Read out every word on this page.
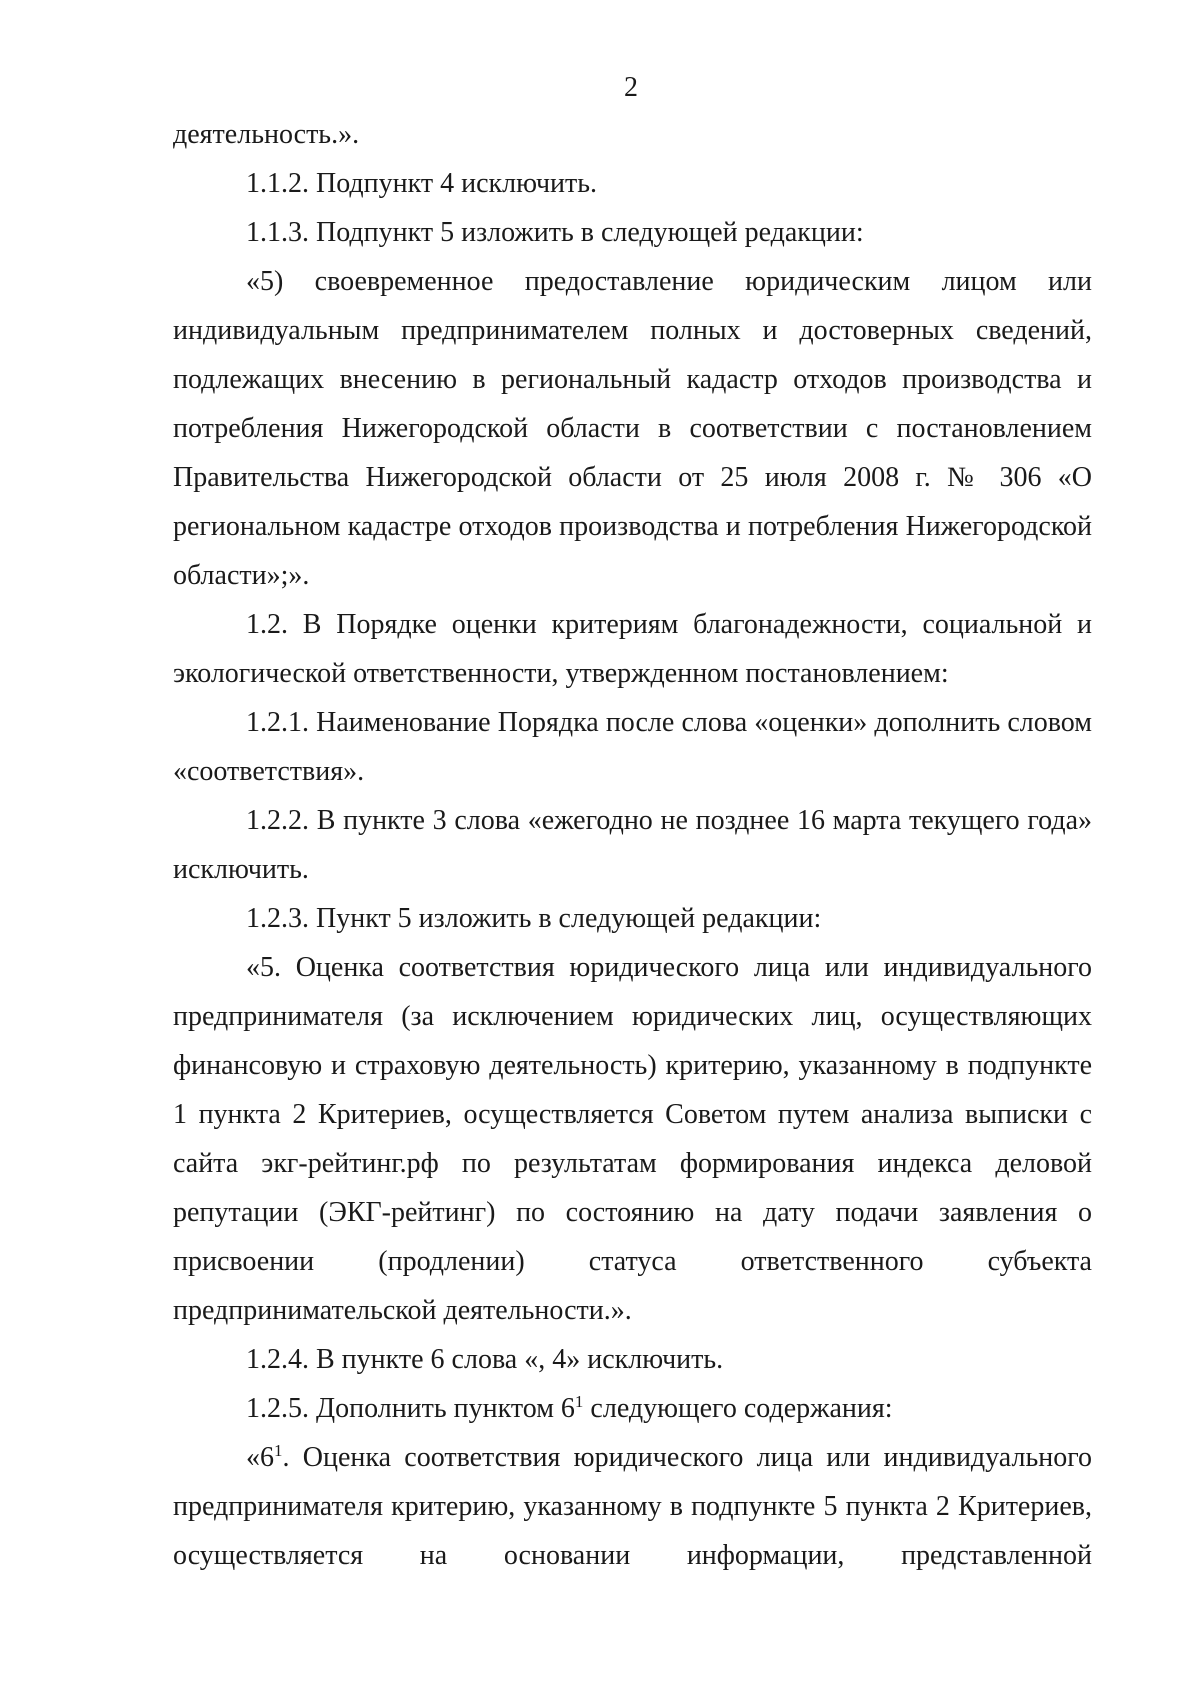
2

деятельность.».

1.1.2. Подпункт 4 исключить.

1.1.3. Подпункт 5 изложить в следующей редакции:

«5) своевременное предоставление юридическим лицом или индивидуальным предпринимателем полных и достоверных сведений, подлежащих внесению в региональный кадастр отходов производства и потребления Нижегородской области в соответствии с постановлением Правительства Нижегородской области от 25 июля 2008 г. № 306 «О региональном кадастре отходов производства и потребления Нижегородской области»;».

1.2. В Порядке оценки критериям благонадежности, социальной и экологической ответственности, утвержденном постановлением:

1.2.1. Наименование Порядка после слова «оценки» дополнить словом «соответствия».

1.2.2. В пункте 3 слова «ежегодно не позднее 16 марта текущего года» исключить.

1.2.3. Пункт 5 изложить в следующей редакции:

«5. Оценка соответствия юридического лица или индивидуального предпринимателя (за исключением юридических лиц, осуществляющих финансовую и страховую деятельность) критерию, указанному в подпункте 1 пункта 2 Критериев, осуществляется Советом путем анализа выписки с сайта экг-рейтинг.рф по результатам формирования индекса деловой репутации (ЭКГ-рейтинг) по состоянию на дату подачи заявления о присвоении (продлении) статуса ответственного субъекта предпринимательской деятельности.».

1.2.4. В пункте 6 слова «, 4» исключить.

1.2.5. Дополнить пунктом $6^1$ следующего содержания:

«$6^1$. Оценка соответствия юридического лица или индивидуального предпринимателя критерию, указанному в подпункте 5 пункта 2 Критериев, осуществляется на основании информации, представленной
